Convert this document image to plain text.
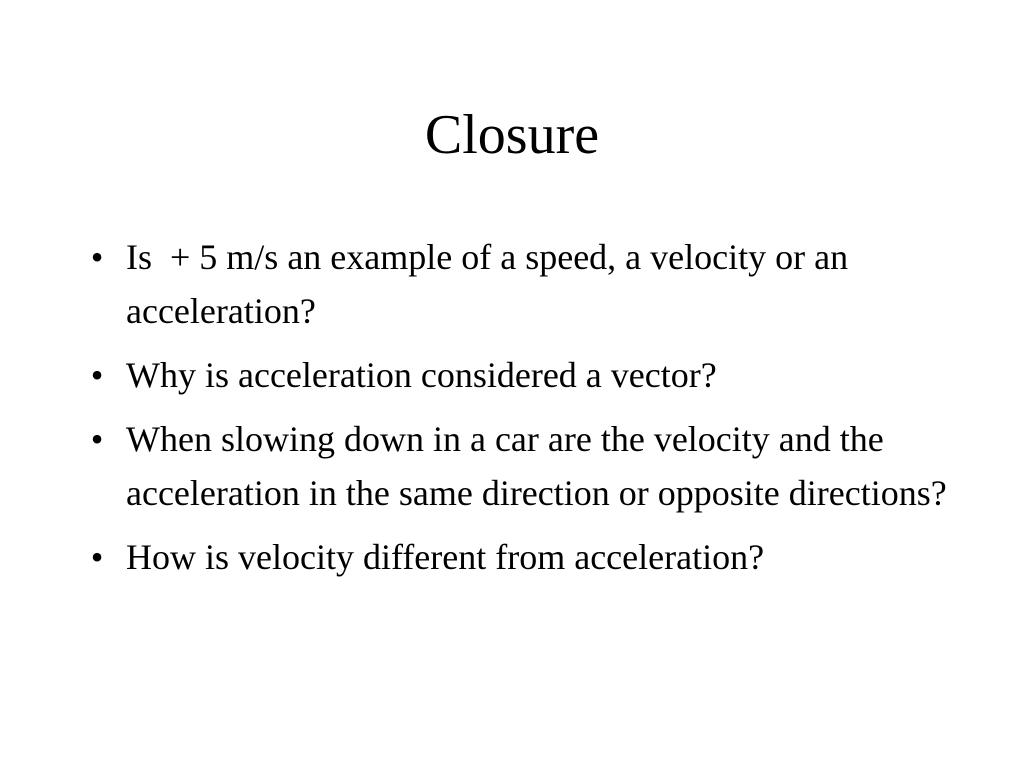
Closure
• Is + 5 m/s an example of a speed, a velocity or an acceleration?
• Why is acceleration considered a vector?
• When slowing down in a car are the velocity and the acceleration in the same direction or opposite directions?
• How is velocity different from acceleration?
